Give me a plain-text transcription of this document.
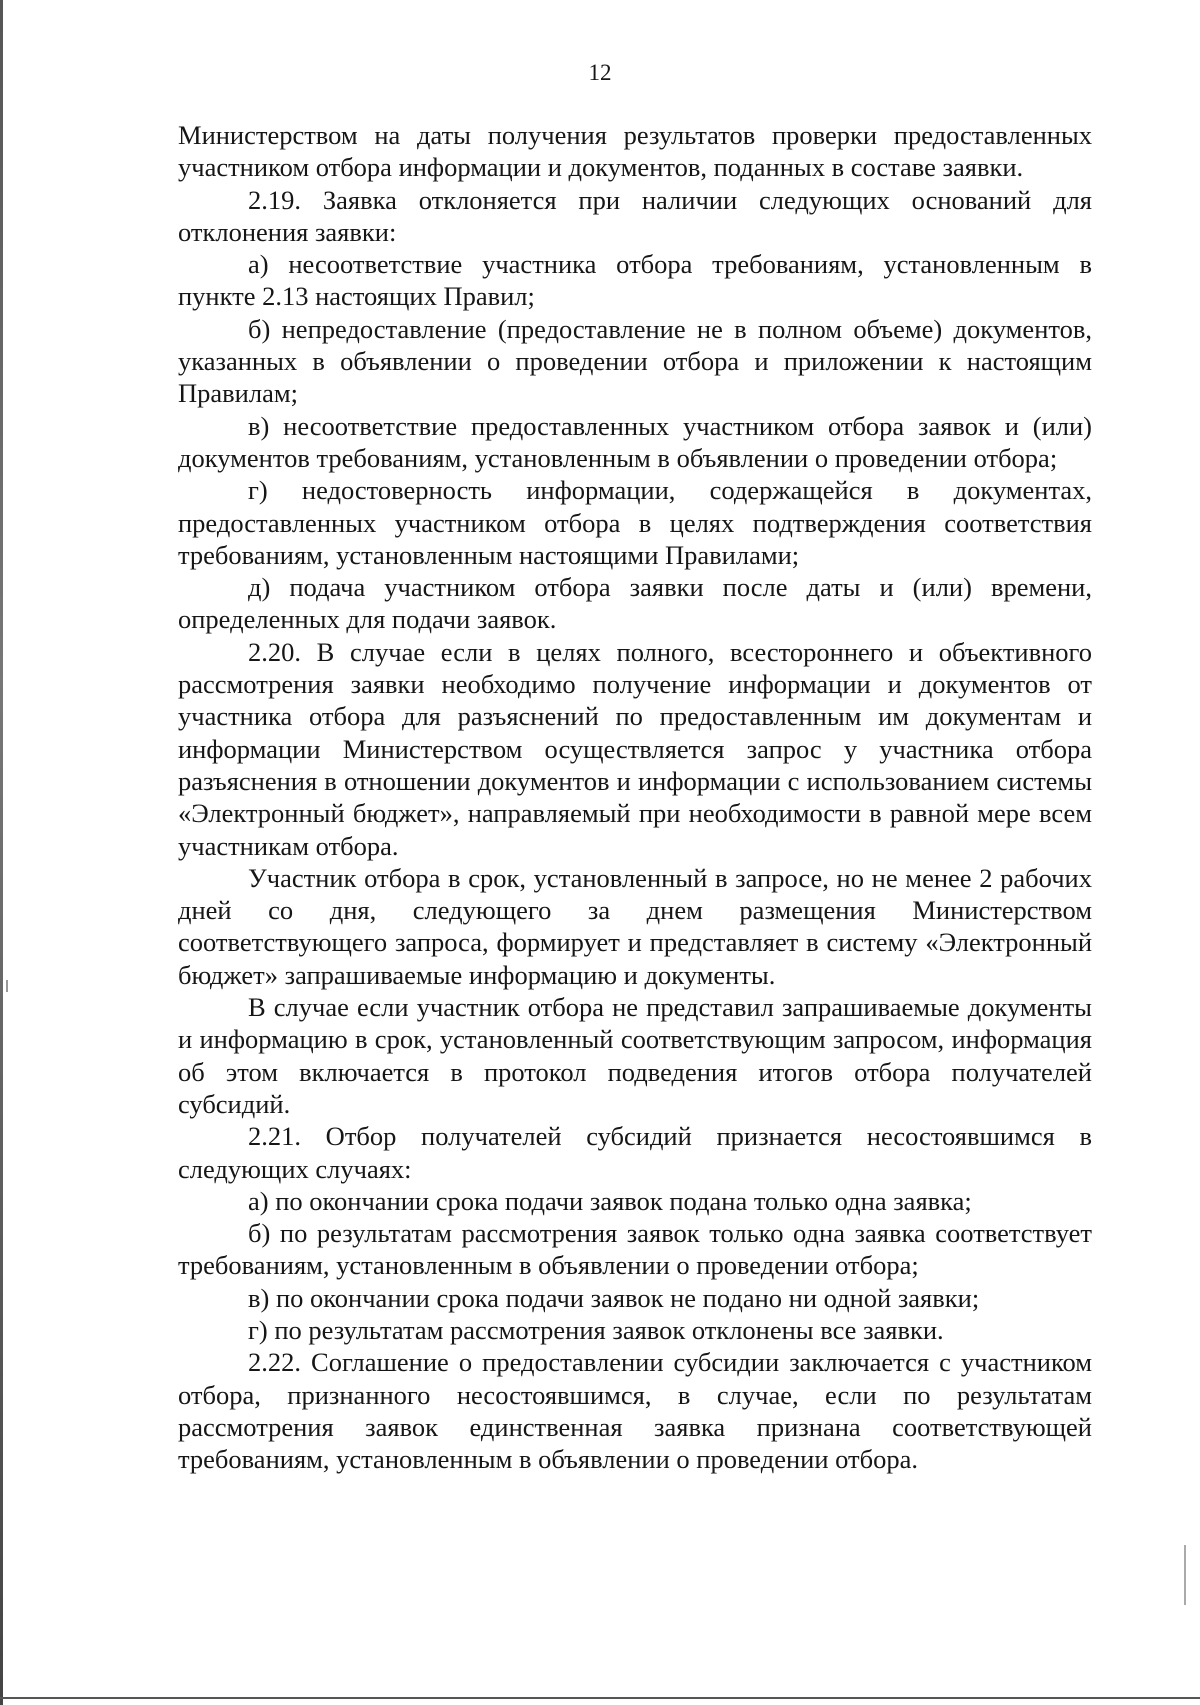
12

Министерством на даты получения результатов проверки предоставленных участником отбора информации и документов, поданных в составе заявки.

2.19. Заявка отклоняется при наличии следующих оснований для отклонения заявки:

а) несоответствие участника отбора требованиям, установленным в пункте 2.13 настоящих Правил;

б) непредоставление (предоставление не в полном объеме) документов, указанных в объявлении о проведении отбора и приложении к настоящим Правилам;

в) несоответствие предоставленных участником отбора заявок и (или) документов требованиям, установленным в объявлении о проведении отбора;

г) недостоверность информации, содержащейся в документах, предоставленных участником отбора в целях подтверждения соответствия требованиям, установленным настоящими Правилами;

д) подача участником отбора заявки после даты и (или) времени, определенных для подачи заявок.

2.20. В случае если в целях полного, всестороннего и объективного рассмотрения заявки необходимо получение информации и документов от участника отбора для разъяснений по предоставленным им документам и информации Министерством осуществляется запрос у участника отбора разъяснения в отношении документов и информации с использованием системы «Электронный бюджет», направляемый при необходимости в равной мере всем участникам отбора.

Участник отбора в срок, установленный в запросе, но не менее 2 рабочих дней со дня, следующего за днем размещения Министерством соответствующего запроса, формирует и представляет в систему «Электронный бюджет» запрашиваемые информацию и документы.

В случае если участник отбора не представил запрашиваемые документы и информацию в срок, установленный соответствующим запросом, информация об этом включается в протокол подведения итогов отбора получателей субсидий.

2.21. Отбор получателей субсидий признается несостоявшимся в следующих случаях:

а) по окончании срока подачи заявок подана только одна заявка;

б) по результатам рассмотрения заявок только одна заявка соответствует требованиям, установленным в объявлении о проведении отбора;

в) по окончании срока подачи заявок не подано ни одной заявки;

г) по результатам рассмотрения заявок отклонены все заявки.

2.22. Соглашение о предоставлении субсидии заключается с участником отбора, признанного несостоявшимся, в случае, если по результатам рассмотрения заявок единственная заявка признана соответствующей требованиям, установленным в объявлении о проведении отбора.
